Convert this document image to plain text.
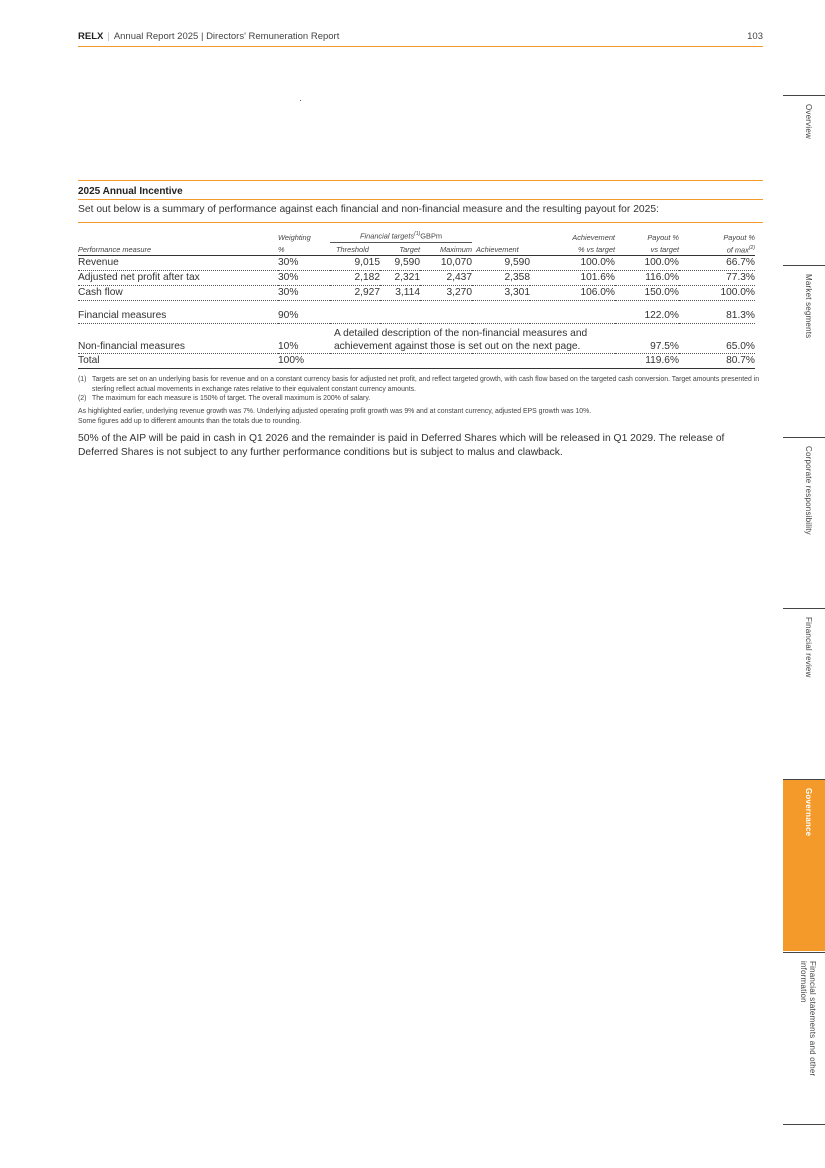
RELX | Annual Report 2025 | Directors' Remuneration Report	103
2025 Annual Incentive
Set out below is a summary of performance against each financial and non-financial measure and the resulting payout for 2025:
	Weighting	Financial targets$^{(1)}$GBPm				Achievement	Payout %	Payout %
Performance measure	%	Threshold	Target	Maximum	Achievement	% vs target	vs target	of $\max^{(2)}$
Revenue	30%	9,015	9,590	10,070	9,590	100.0%	100.0%	66.7%
Adjusted net profit after tax	30%	2,182	2,321	2,437	2,358	101.6%	116.0%	77.3%
Cash flow	30%	2,927	3,114	3,270	3,301	106.0%	150.0%	100.0%

Financial measures	90%						122.0%	81.3%
Non-financial measures	10%	A detailed description of the non-financial measures and achievement against those is set out on the next page.					97.5%	65.0%
Total	100%						119.6%	80.7%

(1) Targets are set on an underlying basis for revenue and on a constant currency basis for adjusted net profit, and reflect targeted growth, with cash flow based on the targeted cash conversion. Target amounts presented in sterling reflect actual movements in exchange rates relative to their equivalent constant currency amounts.

(2) The maximum for each measure is 150% of target. The overall maximum is 200% of salary.

As highlighted earlier, underlying revenue growth was 7%. Underlying adjusted operating profit growth was 9% and at constant currency, adjusted EPS growth was 10%.

Some figures add up to different amounts than the totals due to rounding.

50% of the AIP will be paid in cash in Q1 2026 and the remainder is paid in Deferred Shares which will be released in Q1 2029. The release of Deferred Shares is not subject to any further performance conditions but is subject to malus and clawback.
Overview
Market segments
Corporate responsibility
Financial review
Governance
Financial statements and other information
